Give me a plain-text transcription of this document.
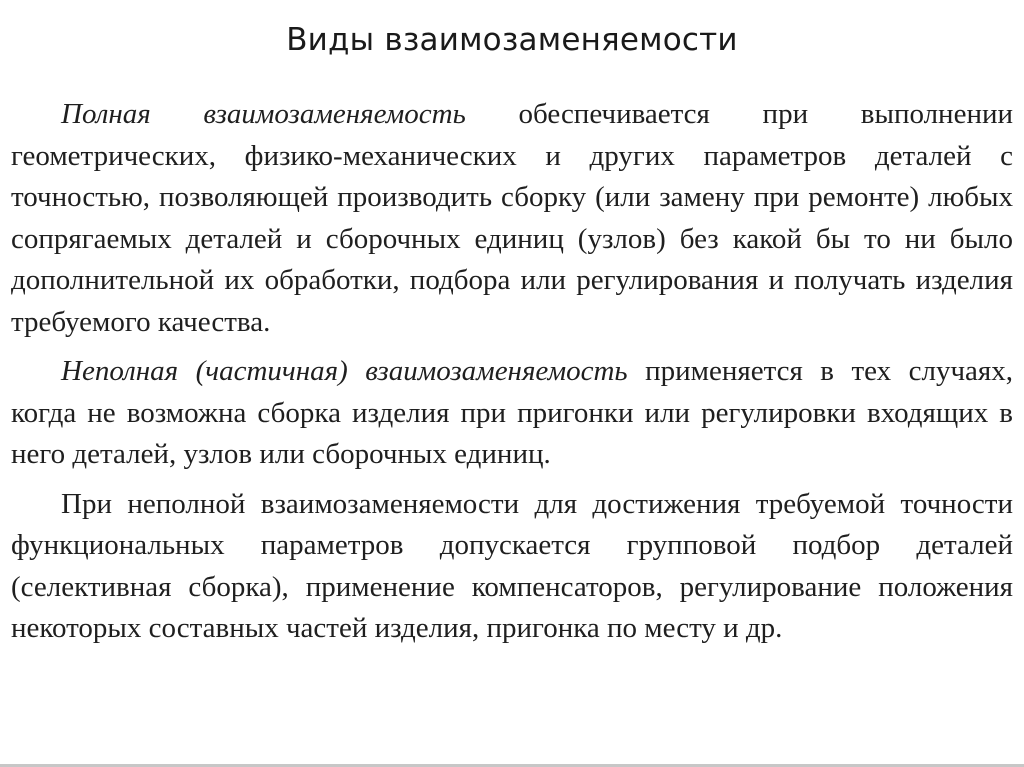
Виды взаимозаменяемости

Полная взаимозаменяемость обеспечивается при выполнении геометрических, физико-механических и других параметров деталей с точностью, позволяющей производить сборку (или замену при ремонте) любых сопрягаемых деталей и сборочных единиц (узлов) без какой бы то ни было дополнительной их обработки, подбора или регулирования и получать изделия требуемого качества.

Неполная (частичная) взаимозаменяемость применяется в тех случаях, когда не возможна сборка изделия при пригонки или регулировки входящих в него деталей, узлов или сборочных единиц.

При неполной взаимозаменяемости для достижения требуемой точности функциональных параметров допускается групповой подбор деталей (селективная сборка), применение компенсаторов, регулирование положения некоторых составных частей изделия, пригонка по месту и др.
